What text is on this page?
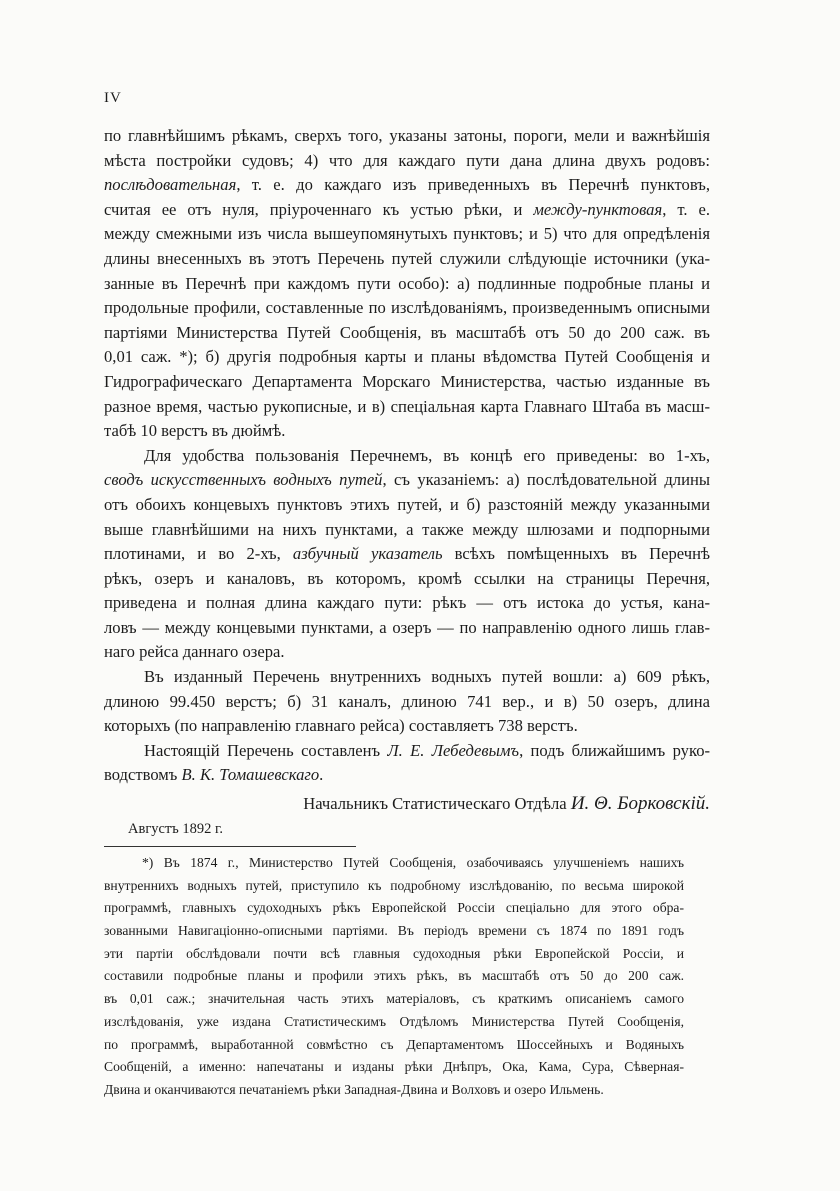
IV
по главнѣйшимъ рѣкамъ, сверхъ того, указаны затоны, пороги, мели и важнѣйшія
мѣста постройки судовъ; 4) что для каждаго пути дана длина двухъ родовъ:
послѣдовательная, т. е. до каждаго изъ приведенныхъ въ Перечнѣ пунктовъ,
считая ее отъ нуля, пріуроченнаго къ устью рѣки, и между-пунктовая, т. е.
между смежными изъ числа вышеупомянутыхъ пунктовъ; и 5) что для опредѣленія
длины внесенныхъ въ этотъ Перечень путей служили слѣдующіе источники (ука-
занные въ Перечнѣ при каждомъ пути особо): а) подлинные подробные планы и
продольные профили, составленные по изслѣдованіямъ, произведеннымъ описными
партіями Министерства Путей Сообщенія, въ масштабѣ отъ 50 до 200 саж. въ
0,01 саж. *); б) другія подробныя карты и планы вѣдомства Путей Сообщенія и
Гидрографическаго Департамента Морскаго Министерства, частью изданные въ
разное время, частью рукописные, и в) спеціальная карта Главнаго Штаба въ масш-
табѣ 10 верстъ въ дюймѣ.
Для удобства пользованія Перечнемъ, въ концѣ его приведены: во 1-хъ,
сводъ искусственныхъ водныхъ путей, съ указаніемъ: а) послѣдовательной длины
отъ обоихъ концевыхъ пунктовъ этихъ путей, и б) разстояній между указанными
выше главнѣйшими на нихъ пунктами, а также между шлюзами и подпорными
плотинами, и во 2-хъ, азбучный указатель всѣхъ помѣщенныхъ въ Перечнѣ
рѣкъ, озеръ и каналовъ, въ которомъ, кромѣ ссылки на страницы Перечня,
приведена и полная длина каждаго пути: рѣкъ — отъ истока до устья, кана-
ловъ — между концевыми пунктами, а озеръ — по направленію одного лишь глав-
наго рейса даннаго озера.
Въ изданный Перечень внутреннихъ водныхъ путей вошли: а) 609 рѣкъ,
длиною 99.450 верстъ; б) 31 каналъ, длиною 741 вер., и в) 50 озеръ, длина
которыхъ (по направленію главнаго рейса) составляетъ 738 верстъ.
Настоящій Перечень составленъ Л. Е. Лебедевымъ, подъ ближайшимъ руко-
водствомъ В. К. Томашевскаго.
Начальникъ Статистическаго Отдѣла И. Θ. Борковскій.
Августъ 1892 г.
*) Въ 1874 г., Министерство Путей Сообщенія, озабочиваясь улучшеніемъ нашихъ
внутреннихъ водныхъ путей, приступило къ подробному изслѣдованію, по весьма широкой
программѣ, главныхъ судоходныхъ рѣкъ Европейской Россіи спеціально для этого обра-
зованными Навигаціонно-описными партіями. Въ періодъ времени съ 1874 по 1891 годъ
эти партіи обслѣдовали почти всѣ главныя судоходныя рѣки Европейской Россіи, и
составили подробные планы и профили этихъ рѣкъ, въ масштабѣ отъ 50 до 200 саж.
въ 0,01 саж.; значительная часть этихъ матеріаловъ, съ краткимъ описаніемъ самого
изслѣдованія, уже издана Статистическимъ Отдѣломъ Министерства Путей Сообщенія,
по программѣ, выработанной совмѣстно съ Департаментомъ Шоссейныхъ и Водяныхъ
Сообщеній, а именно: напечатаны и изданы рѣки Днѣпръ, Ока, Кама, Сура, Сѣверная-
Двина и оканчиваются печатаніемъ рѣки Западная-Двина и Волховъ и озеро Ильмень.
